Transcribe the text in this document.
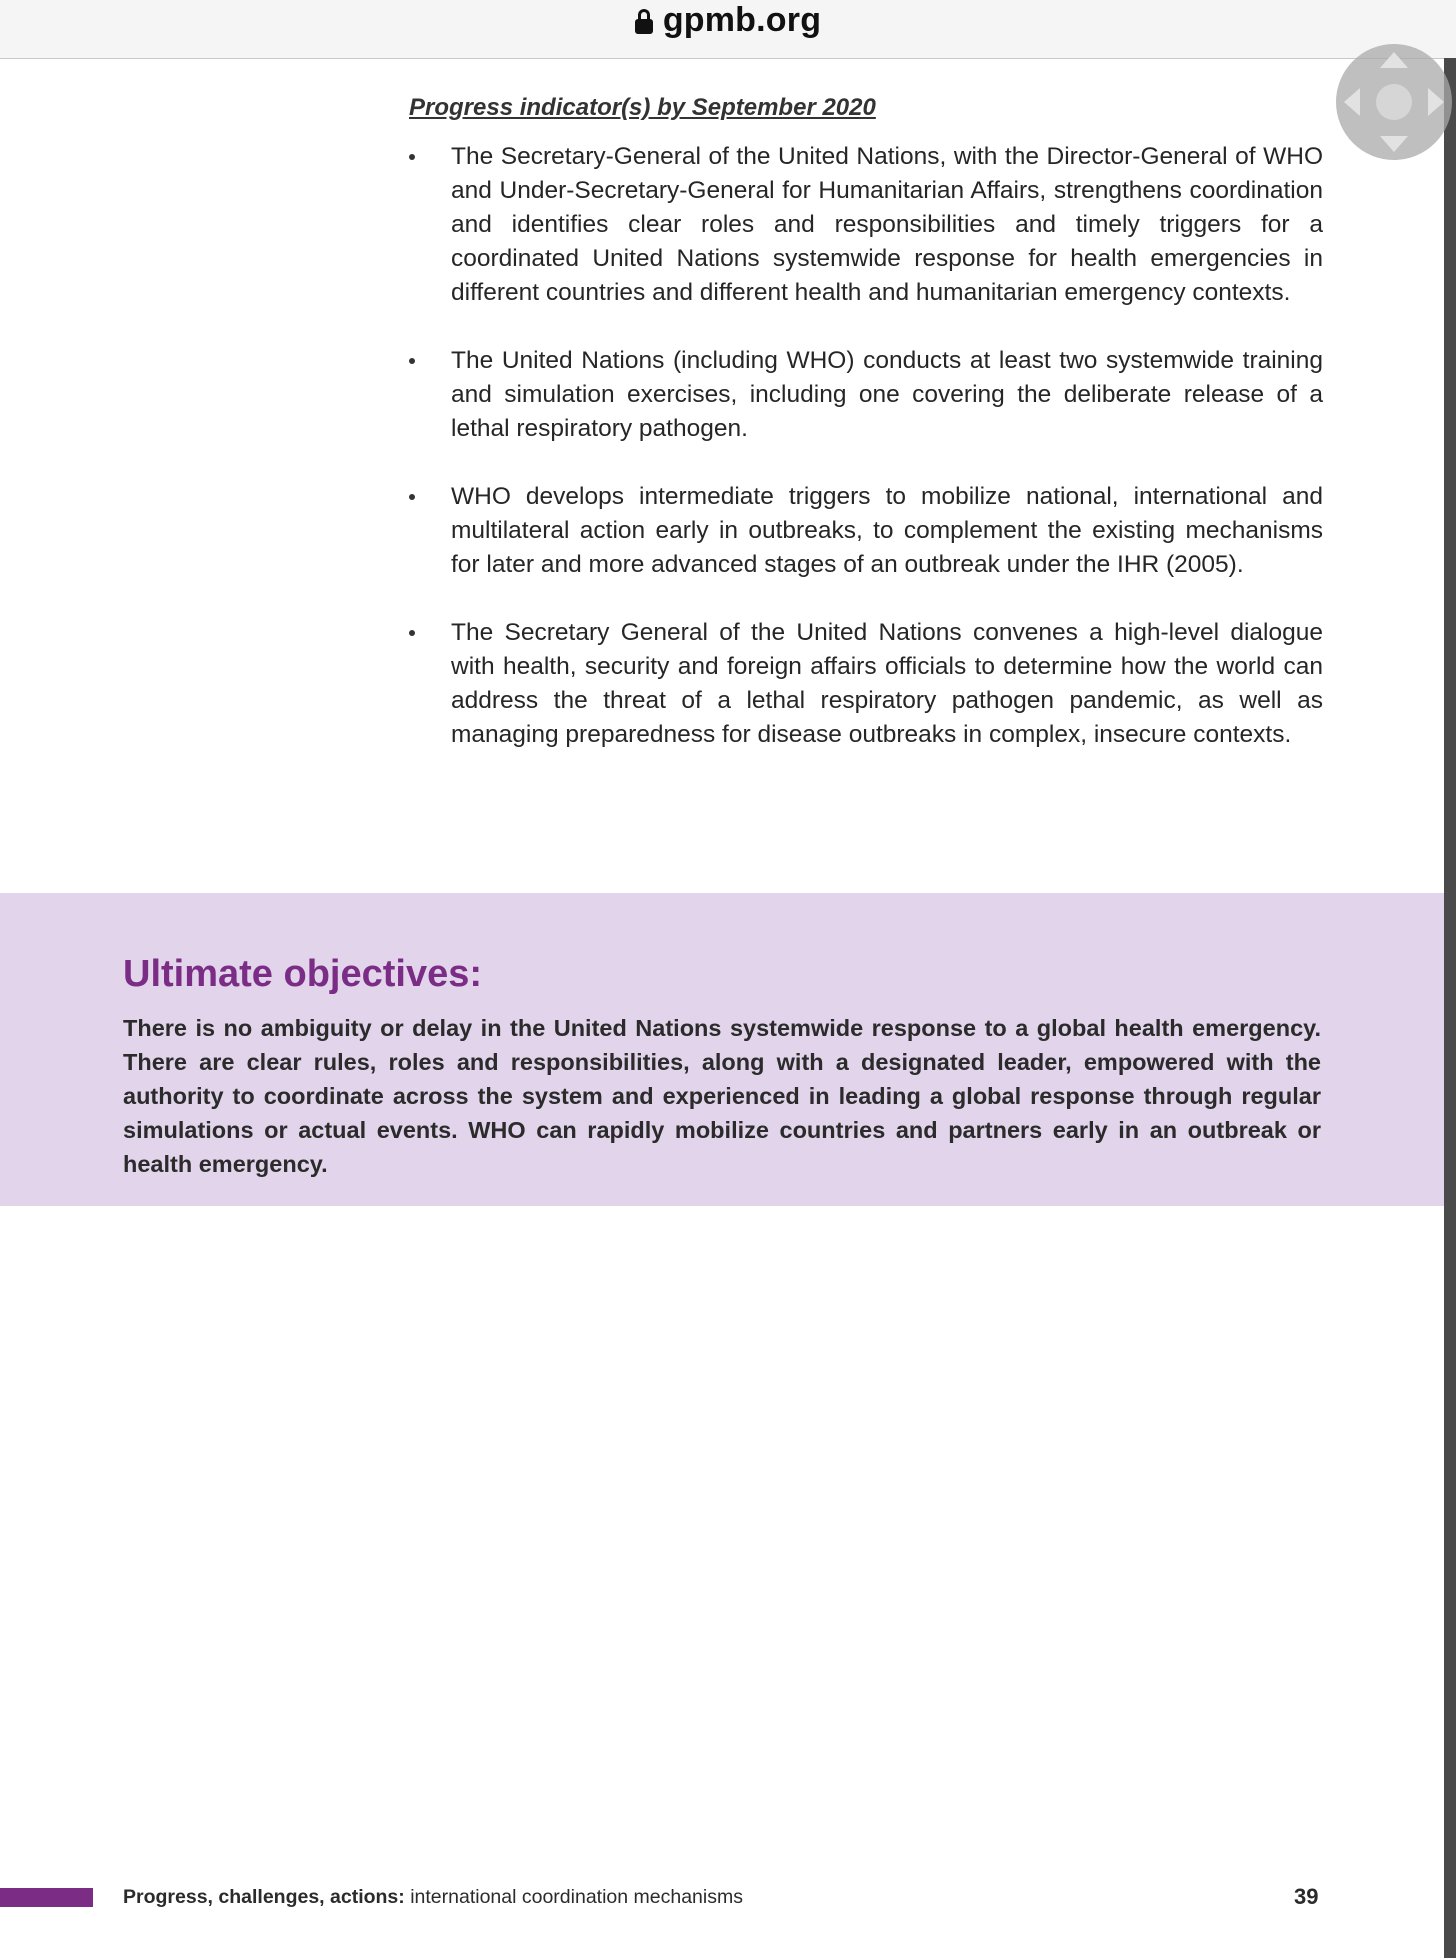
gpmb.org
Progress indicator(s) by September 2020
The Secretary-General of the United Nations, with the Director-General of WHO and Under-Secretary-General for Humanitarian Affairs, strengthens coordination and identifies clear roles and responsibilities and timely triggers for a coordinated United Nations systemwide response for health emergencies in different countries and different health and humanitarian emergency contexts.
The United Nations (including WHO) conducts at least two systemwide training and simulation exercises, including one covering the deliberate release of a lethal respiratory pathogen.
WHO develops intermediate triggers to mobilize national, international and multilateral action early in outbreaks, to complement the existing mechanisms for later and more advanced stages of an outbreak under the IHR (2005).
The Secretary General of the United Nations convenes a high-level dialogue with health, security and foreign affairs officials to determine how the world can address the threat of a lethal respiratory pathogen pandemic, as well as managing preparedness for disease outbreaks in complex, insecure contexts.
Ultimate objectives:
There is no ambiguity or delay in the United Nations systemwide response to a global health emergency. There are clear rules, roles and responsibilities, along with a designated leader, empowered with the authority to coordinate across the system and experienced in leading a global response through regular simulations or actual events. WHO can rapidly mobilize countries and partners early in an outbreak or health emergency.
Progress, challenges, actions: international coordination mechanisms	39
